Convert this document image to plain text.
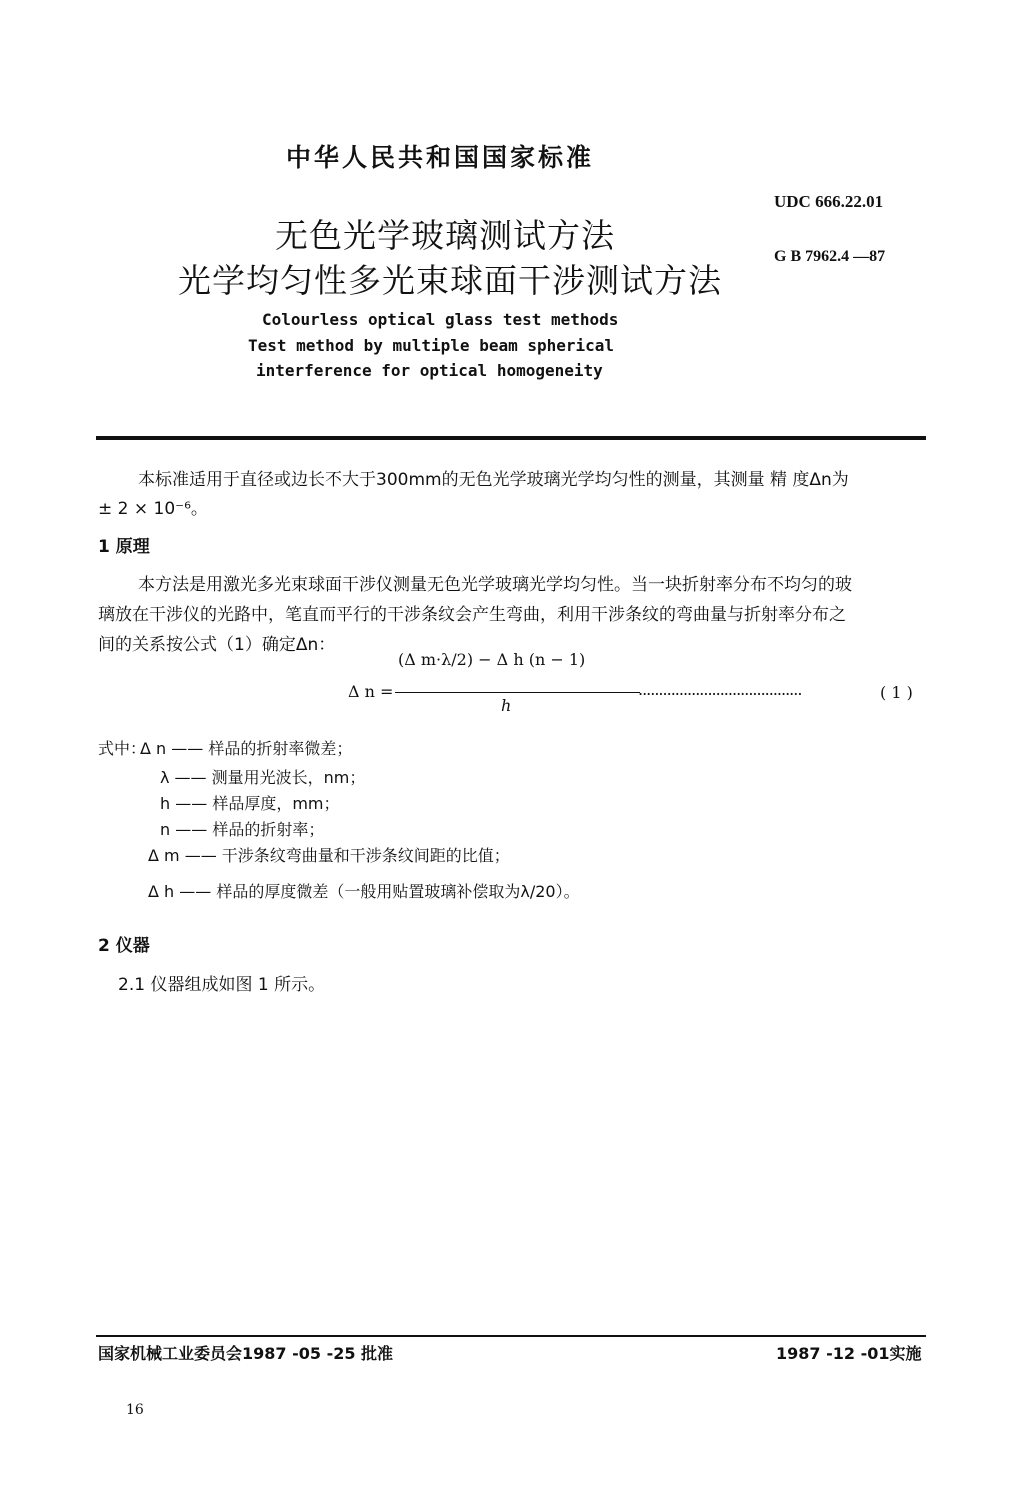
中华人民共和国国家标准
UDC 666.22.01
G B 7962.4 —87
无色光学玻璃测试方法
光学均匀性多光束球面干涉测试方法
Colourless optical glass test methods
Test method by multiple beam spherical
interference for optical homogeneity
本标准适用于直径或边长不大于300mm的无色光学玻璃光学均匀性的测量，其测量 精 度Δn为
± 2 × 10⁻⁶。
1 原理
本方法是用激光多光束球面干涉仪测量无色光学玻璃光学均匀性。当一块折射率分布不均匀的玻
璃放在干涉仪的光路中，笔直而平行的干涉条纹会产生弯曲，利用干涉条纹的弯曲量与折射率分布之
间的关系按公式（1）确定Δn：
Δ n =
(Δ m·λ/2) − Δ h (n − 1)
h
........................................	( 1 )
式中：
Δ n —— 样品的折射率微差；
λ —— 测量用光波长，nm；
h —— 样品厚度，mm；
n —— 样品的折射率；
Δ m —— 干涉条纹弯曲量和干涉条纹间距的比值；
Δ h —— 样品的厚度微差（一般用贴置玻璃补偿取为λ/20）。
2 仪器
2.1 仪器组成如图 1 所示。
国家机械工业委员会1987 -05 -25 批准	1987 -12 -01实施
16
